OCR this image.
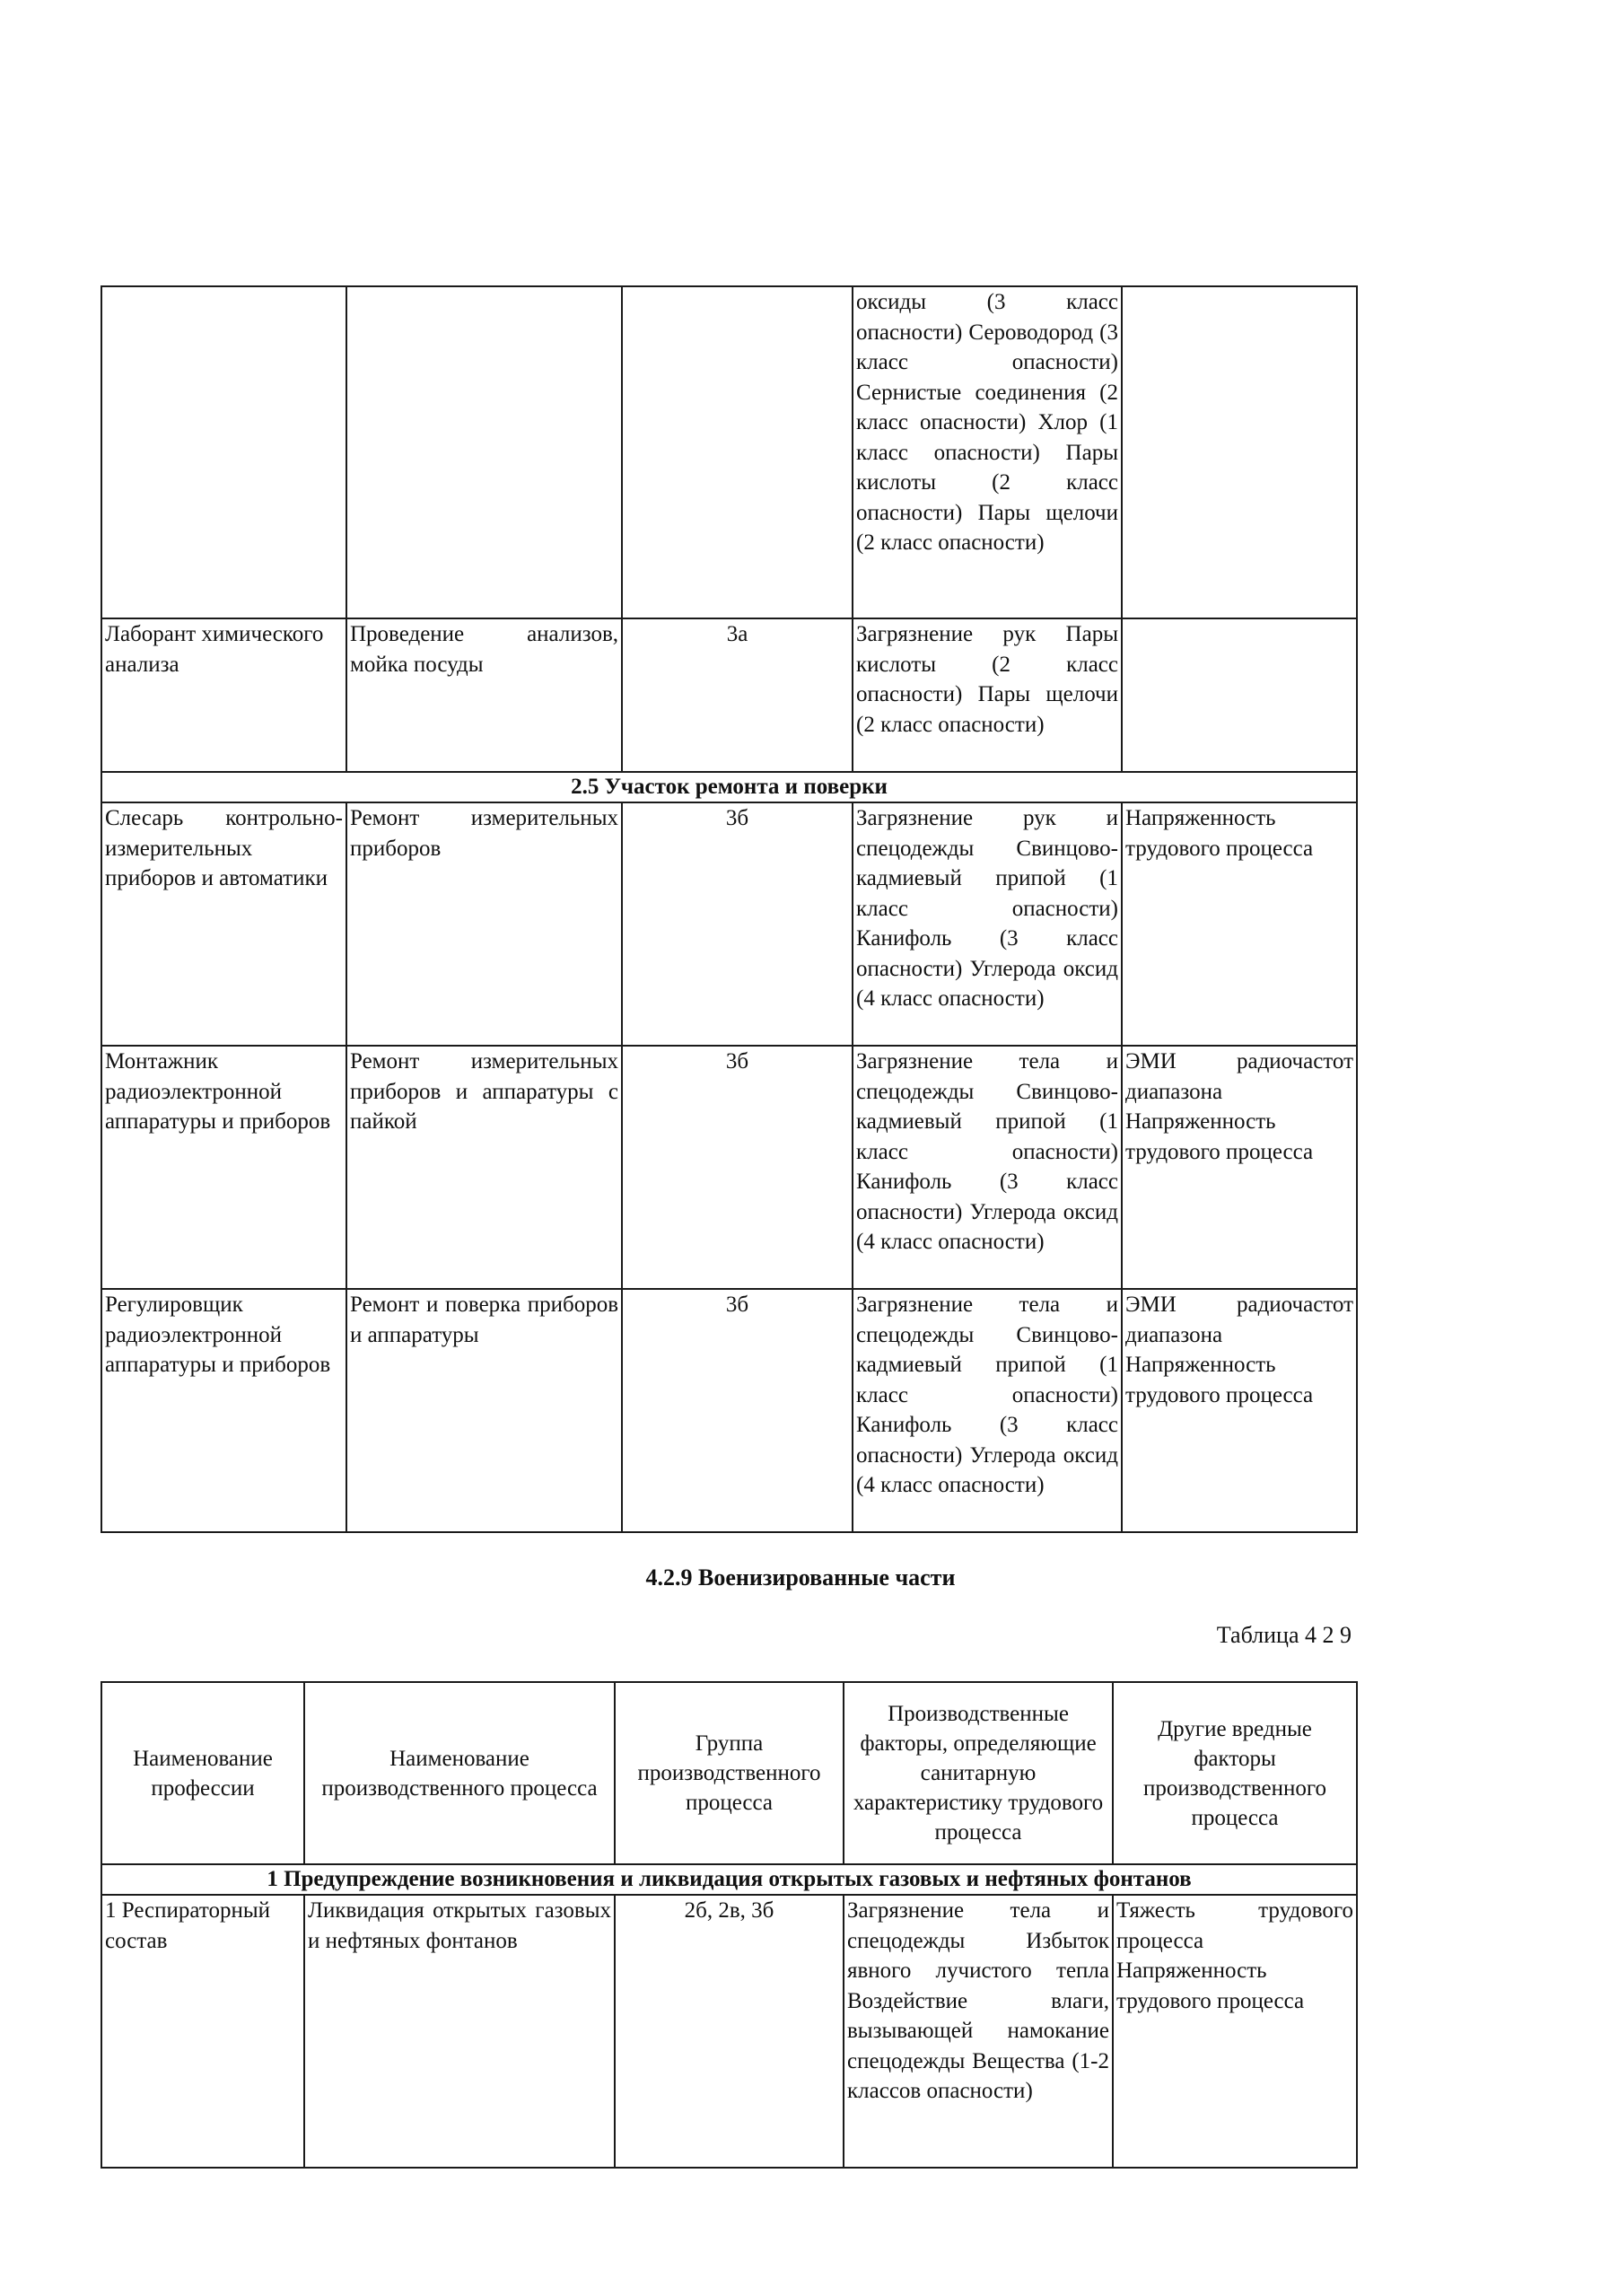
			оксиды (3 класс опасности) Сероводород (3 класс опасности) Сернистые соединения (2 класс опасности) Хлор (1 класс опасности) Пары кислоты (2 класс опасности) Пары щелочи (2 класс опасности)	
Лаборант химического анализа	Проведение анализов, мойка посуды	3а	Загрязнение рук Пары кислоты (2 класс опасности) Пары щелочи (2 класс опасности)	
2.5 Участок ремонта и поверки				
Слесарь контрольно-измерительных приборов и автоматики	Ремонт измерительных приборов	3б	Загрязнение рук и спецодежды Свинцово- кадмиевый припой (1 класс опасности) Канифоль (3 класс опасности) Углерода оксид (4 класс опасности)	Напряженность трудового процесса
Монтажник радиоэлектронной аппаратуры и приборов	Ремонт измерительных приборов и аппаратуры с пайкой	3б	Загрязнение тела и спецодежды Свинцово-кадмиевый припой (1 класс опасности) Канифоль (3 класс опасности) Углерода оксид (4 класс опасности)	ЭМИ радиочастот диапазона Напряженность трудового процесса
Регулировщик радиоэлектронной аппаратуры и приборов	Ремонт и поверка приборов и аппаратуры	3б	Загрязнение тела и спецодежды Свинцово-кадмиевый припой (1 класс опасности) Канифоль (3 класс опасности) Углерода оксид (4 класс опасности)	ЭМИ радиочастот диапазона Напряженность трудового процесса
4.2.9 Военизированные части
Таблица 4 2 9
Наименование профессии	Наименование производственного процесса	Группа производственного процесса	Производственные факторы, определяющие санитарную характеристику трудового процесса	Другие вредные факторы производственного процесса
1 Предупреждение возникновения и ликвидация открытых газовых и нефтяных фонтанов				
1 Респираторный состав	Ликвидация открытых газовых и нефтяных фонтанов	2б, 2в, 3б	Загрязнение тела и спецодежды Избыток явного лучистого тепла Воздействие влаги, вызывающей намокание спецодежды Вещества (1-2 классов опасности)	Тяжесть трудового процесса Напряженность трудового процесса
